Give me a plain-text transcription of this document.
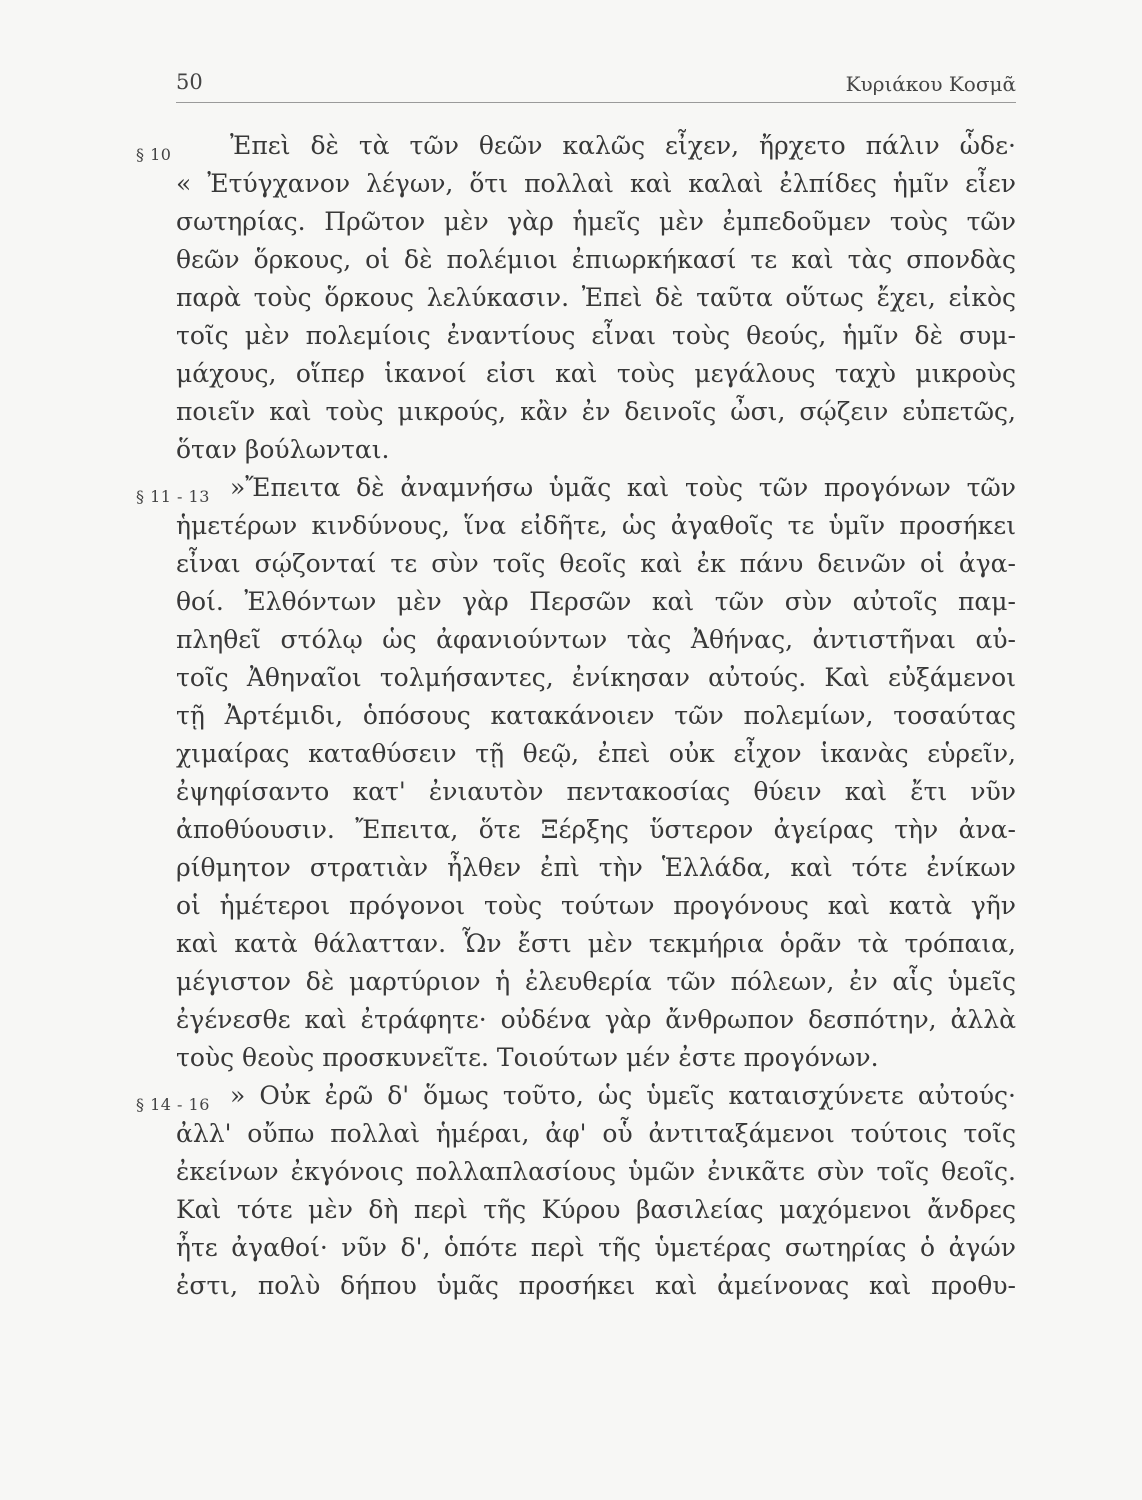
50	Κυριάκου Κοσμᾶ
§ 10	Ἐπεὶ δὲ τὰ τῶν θεῶν καλῶς εἶχεν, ἤρχετο πάλιν ὧδε·
« Ἐτύγχανον λέγων, ὅτι πολλαὶ καὶ καλαὶ ἐλπίδες ἡμῖν εἶεν
σωτηρίας. Πρῶτον μὲν γὰρ ἡμεῖς μὲν ἐμπεδοῦμεν τοὺς τῶν
θεῶν ὅρκους, οἱ δὲ πολέμιοι ἐπιωρκήκασί τε καὶ τὰς σπονδὰς
παρὰ τοὺς ὅρκους λελύκασιν. Ἐπεὶ δὲ ταῦτα οὕτως ἔχει, εἰκὸς
τοῖς μὲν πολεμίοις ἐναντίους εἶναι τοὺς θεούς, ἡμῖν δὲ συμ-
μάχους, οἵπερ ἱκανοί εἰσι καὶ τοὺς μεγάλους ταχὺ μικροὺς
ποιεῖν καὶ τοὺς μικρούς, κἂν ἐν δεινοῖς ὦσι, σῴζειν εὐπετῶς,
ὅταν βούλωνται.
§ 11 - 13 »Ἔπειτα δὲ ἀναμνήσω ὑμᾶς καὶ τοὺς τῶν προγόνων τῶν
ἡμετέρων κινδύνους, ἵνα εἰδῆτε, ὡς ἀγαθοῖς τε ὑμῖν προσήκει
εἶναι σῴζονταί τε σὺν τοῖς θεοῖς καὶ ἐκ πάνυ δεινῶν οἱ ἀγα-
θοί. Ἐλθόντων μὲν γὰρ Περσῶν καὶ τῶν σὺν αὐτοῖς παμ-
πληθεῖ στόλῳ ὡς ἀφανιούντων τὰς Ἀθήνας, ἀντιστῆναι αὐ-
τοῖς Ἀθηναῖοι τολμήσαντες, ἐνίκησαν αὐτούς. Καὶ εὐξάμενοι
τῇ Ἀρτέμιδι, ὁπόσους κατακάνοιεν τῶν πολεμίων, τοσαύτας
χιμαίρας καταθύσειν τῇ θεῷ, ἐπεὶ οὐκ εἶχον ἱκανὰς εὑρεῖν,
ἐψηφίσαντο κατ' ἐνιαυτὸν πεντακοσίας θύειν καὶ ἔτι νῦν
ἀποθύουσιν. Ἔπειτα, ὅτε Ξέρξης ὕστερον ἀγείρας τὴν ἀνα-
ρίθμητον στρατιὰν ἦλθεν ἐπὶ τὴν Ἑλλάδα, καὶ τότε ἐνίκων
οἱ ἡμέτεροι πρόγονοι τοὺς τούτων προγόνους καὶ κατὰ γῆν
καὶ κατὰ θάλατταν. Ὧν ἔστι μὲν τεκμήρια ὁρᾶν τὰ τρόπαια,
μέγιστον δὲ μαρτύριον ἡ ἐλευθερία τῶν πόλεων, ἐν αἷς ὑμεῖς
ἐγένεσθε καὶ ἐτράφητε· οὐδένα γὰρ ἄνθρωπον δεσπότην, ἀλλὰ
τοὺς θεοὺς προσκυνεῖτε. Τοιούτων μέν ἐστε προγόνων.
§ 14 - 16 » Οὐκ ἐρῶ δ' ὅμως τοῦτο, ὡς ὑμεῖς καταισχύνετε αὐτούς·
ἀλλ' οὔπω πολλαὶ ἡμέραι, ἀφ' οὗ ἀντιταξάμενοι τούτοις τοῖς
ἐκείνων ἐκγόνοις πολλαπλασίους ὑμῶν ἐνικᾶτε σὺν τοῖς θεοῖς.
Καὶ τότε μὲν δὴ περὶ τῆς Κύρου βασιλείας μαχόμενοι ἄνδρες
ἦτε ἀγαθοί· νῦν δ', ὁπότε περὶ τῆς ὑμετέρας σωτηρίας ὁ ἀγών
ἐστι, πολὺ δήπου ὑμᾶς προσήκει καὶ ἀμείνονας καὶ προθυ-
